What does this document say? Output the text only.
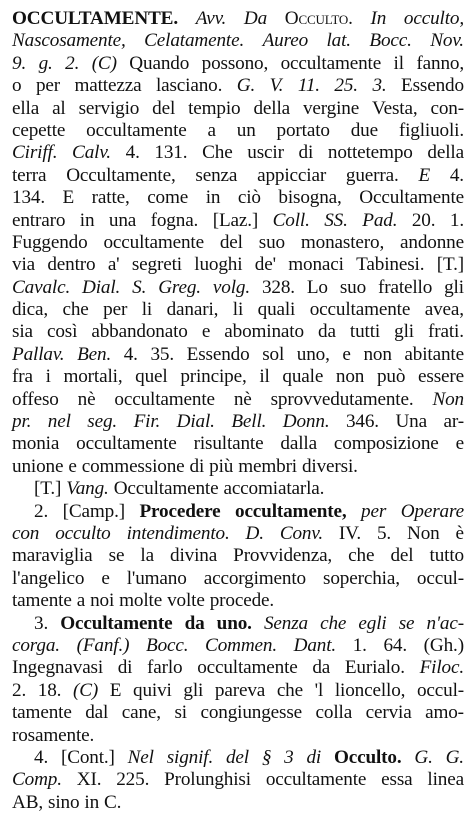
OCCULTAMENTE. Avv. Da Occulto. In occulto,
Nascosamente, Celatamente. Aureo lat. Bocc. Nov.
9. g. 2. (C) Quando possono, occultamente il fanno,
o per mattezza lasciano. G. V. 11. 25. 3. Essendo
ella al servigio del tempio della vergine Vesta, con-
cepette occultamente a un portato due figliuoli.
Ciriff. Calv. 4. 131. Che uscir di nottetempo della
terra Occultamente, senza appicciar guerra. E 4.
134. E ratte, come in ciò bisogna, Occultamente
entraro in una fogna. [Laz.] Coll. SS. Pad. 20. 1.
Fuggendo occultamente del suo monastero, andonne
via dentro a' segreti luoghi de' monaci Tabinesi. [T.]
Cavalc. Dial. S. Greg. volg. 328. Lo suo fratello gli
dica, che per li danari, li quali occultamente avea,
sia così abbandonato e abominato da tutti gli frati.
Pallav. Ben. 4. 35. Essendo sol uno, e non abitante
fra i mortali, quel principe, il quale non può essere
offeso nè occultamente nè sprovvedutamente. Non
pr. nel seg. Fir. Dial. Bell. Donn. 346. Una ar-
monia occultamente risultante dalla composizione e
unione e commessione di più membri diversi.
[T.] Vang. Occultamente accomiatarla.
2. [Camp.] Procedere occultamente, per Operare
con occulto intendimento. D. Conv. IV. 5. Non è
maraviglia se la divina Provvidenza, che del tutto
l'angelico e l'umano accorgimento soperchia, occul-
tamente a noi molte volte procede.
3. Occultamente da uno. Senza che egli se n'ac-
corga. (Fanf.) Bocc. Commen. Dant. 1. 64. (Gh.)
Ingegnavasi di farlo occultamente da Eurialo. Filoc.
2. 18. (C) E quivi gli pareva che 'l lioncello, occul-
tamente dal cane, si congiungesse colla cervia amo-
rosamente.
4. [Cont.] Nel signif. del § 3 di Occulto. G. G.
Comp. XI. 225. Prolunghisi occultamente essa linea
AB, sino in C.
